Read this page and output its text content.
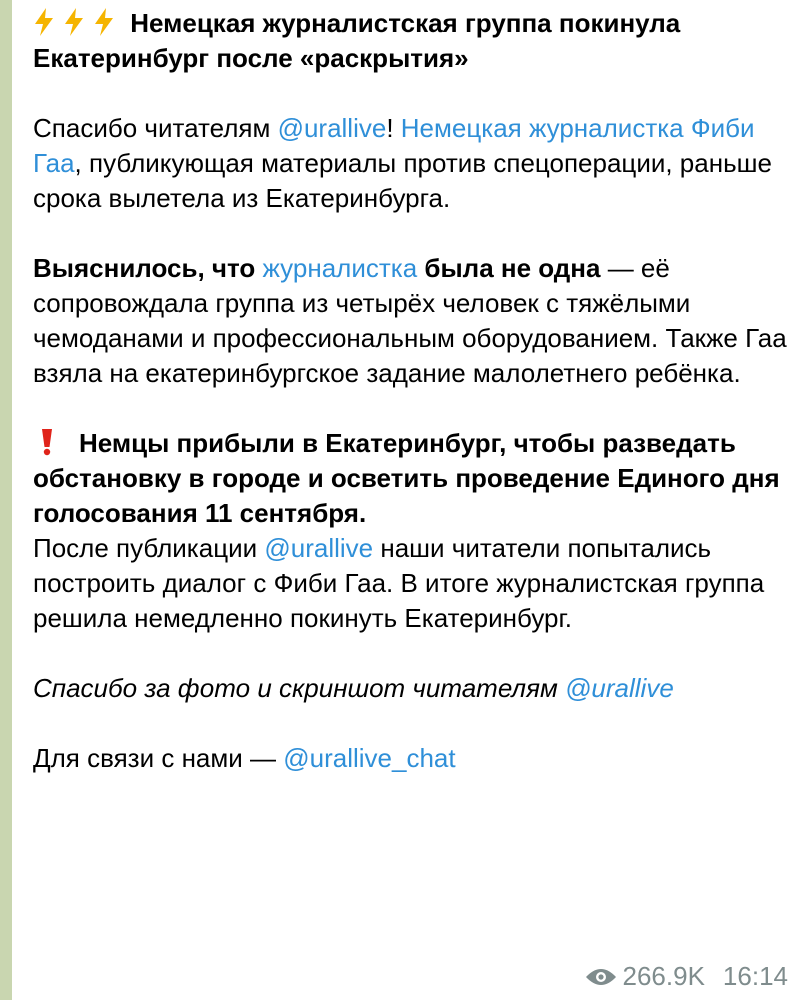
Немецкая журналистская группа покинула Екатеринбург после «раскрытия»

Спасибо читателям @urallive! Немецкая журналистка Фиби Гаа, публикующая материалы против спецоперации, раньше срока вылетела из Екатеринбурга.

Выяснилось, что журналистка была не одна — её сопровождала группа из четырёх человек с тяжёлыми чемоданами и профессиональным оборудованием. Также Гаа взяла на екатеринбургское задание малолетнего ребёнка.

Немцы прибыли в Екатеринбург, чтобы разведать обстановку в городе и осветить проведение Единого дня голосования 11 сентября.
После публикации @urallive наши читатели попытались построить диалог с Фиби Гаа. В итоге журналистская группа решила немедленно покинуть Екатеринбург.

Спасибо за фото и скриншот читателям @urallive

Для связи с нами — @urallive_chat

266.9K 16:14
